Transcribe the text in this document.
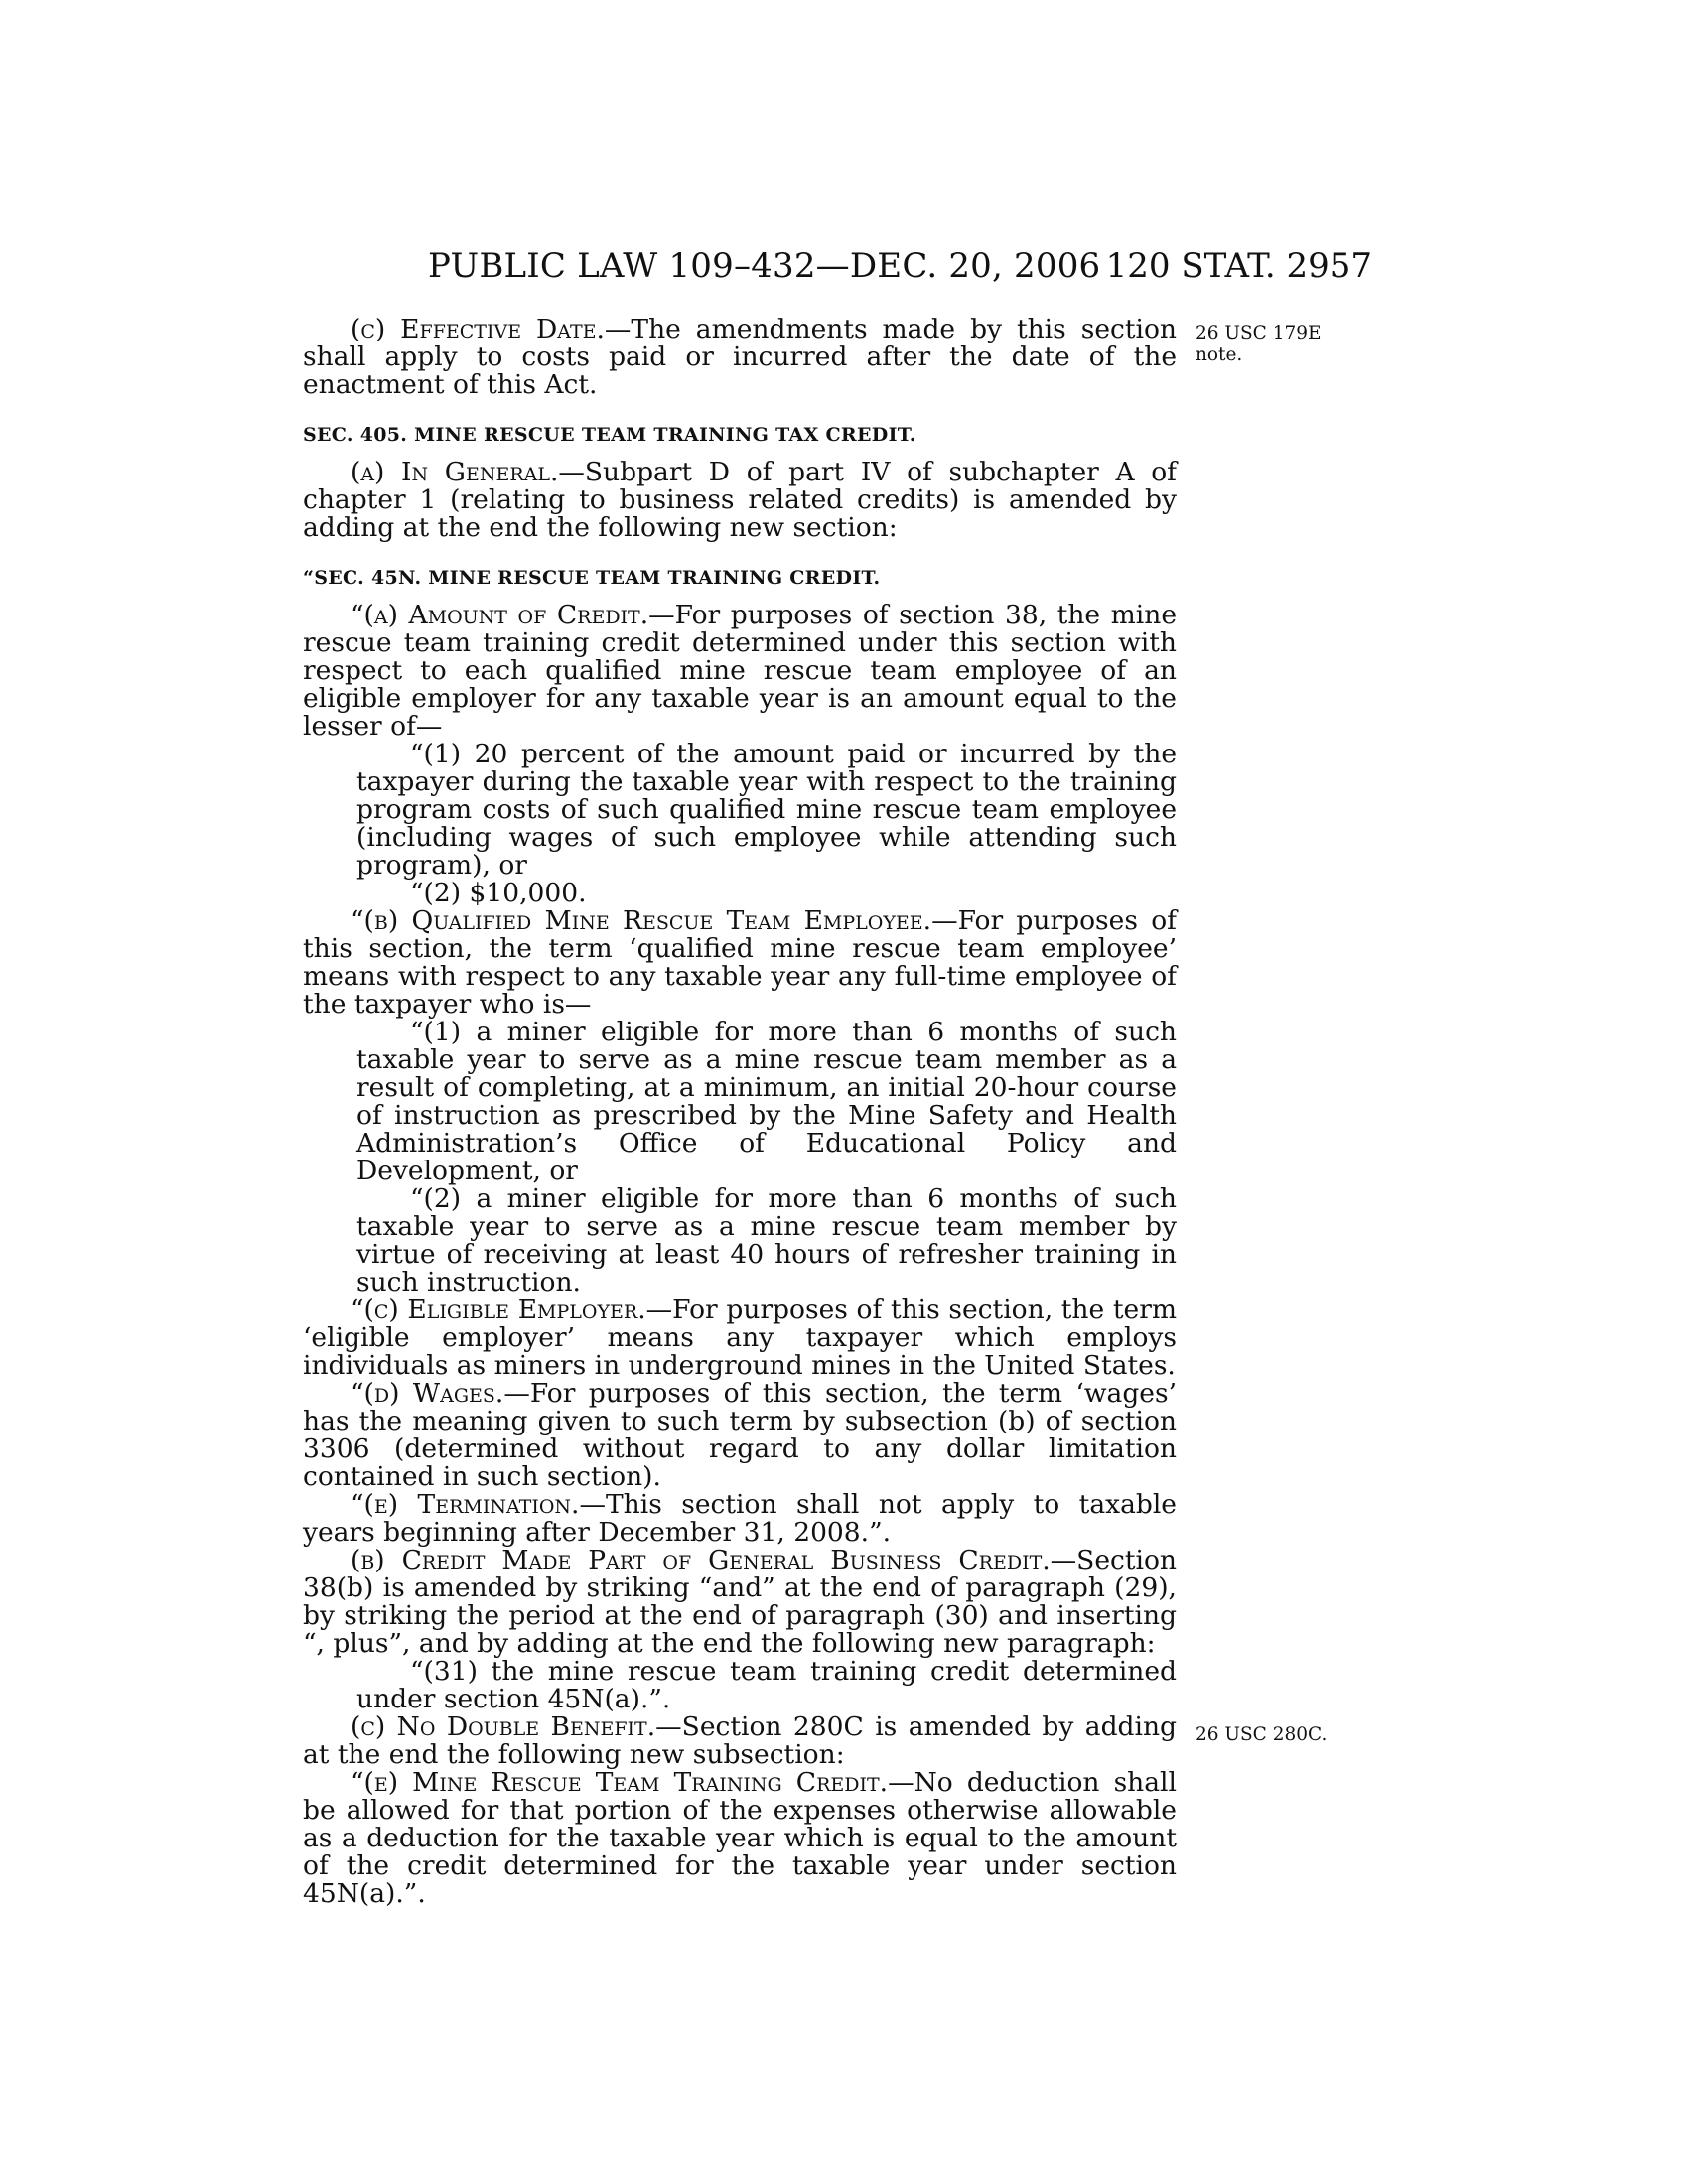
PUBLIC LAW 109–432—DEC. 20, 2006 120 STAT. 2957
26 USC 179E
note.
26 USC 280C.

(c) Effective Date.—The amendments made by this section shall apply to costs paid or incurred after the date of the enactment of this Act.

SEC. 405. MINE RESCUE TEAM TRAINING TAX CREDIT.

(a) In General.—Subpart D of part IV of subchapter A of chapter 1 (relating to business related credits) is amended by adding at the end the following new section:

“SEC. 45N. MINE RESCUE TEAM TRAINING CREDIT.

“(a) Amount of Credit.—For purposes of section 38, the mine rescue team training credit determined under this section with respect to each qualified mine rescue team employee of an eligible employer for any taxable year is an amount equal to the lesser of—

“(1) 20 percent of the amount paid or incurred by the taxpayer during the taxable year with respect to the training program costs of such qualified mine rescue team employee (including wages of such employee while attending such program), or

“(2) $10,000.

“(b) Qualified Mine Rescue Team Employee.—For purposes of this section, the term ‘qualified mine rescue team employee’ means with respect to any taxable year any full-time employee of the taxpayer who is—

“(1) a miner eligible for more than 6 months of such taxable year to serve as a mine rescue team member as a result of completing, at a minimum, an initial 20-hour course of instruction as prescribed by the Mine Safety and Health Administration’s Office of Educational Policy and Development, or

“(2) a miner eligible for more than 6 months of such taxable year to serve as a mine rescue team member by virtue of receiving at least 40 hours of refresher training in such instruction.

“(c) Eligible Employer.—For purposes of this section, the term ‘eligible employer’ means any taxpayer which employs individuals as miners in underground mines in the United States.

“(d) Wages.—For purposes of this section, the term ‘wages’ has the meaning given to such term by subsection (b) of section 3306 (determined without regard to any dollar limitation contained in such section).

“(e) Termination.—This section shall not apply to taxable years beginning after December 31, 2008.”.

(b) Credit Made Part of General Business Credit.—Section 38(b) is amended by striking “and” at the end of paragraph (29), by striking the period at the end of paragraph (30) and inserting “, plus”, and by adding at the end the following new paragraph:

“(31) the mine rescue team training credit determined under section 45N(a).”.

(c) No Double Benefit.—Section 280C is amended by adding at the end the following new subsection:

“(e) Mine Rescue Team Training Credit.—No deduction shall be allowed for that portion of the expenses otherwise allowable as a deduction for the taxable year which is equal to the amount of the credit determined for the taxable year under section 45N(a).”.
